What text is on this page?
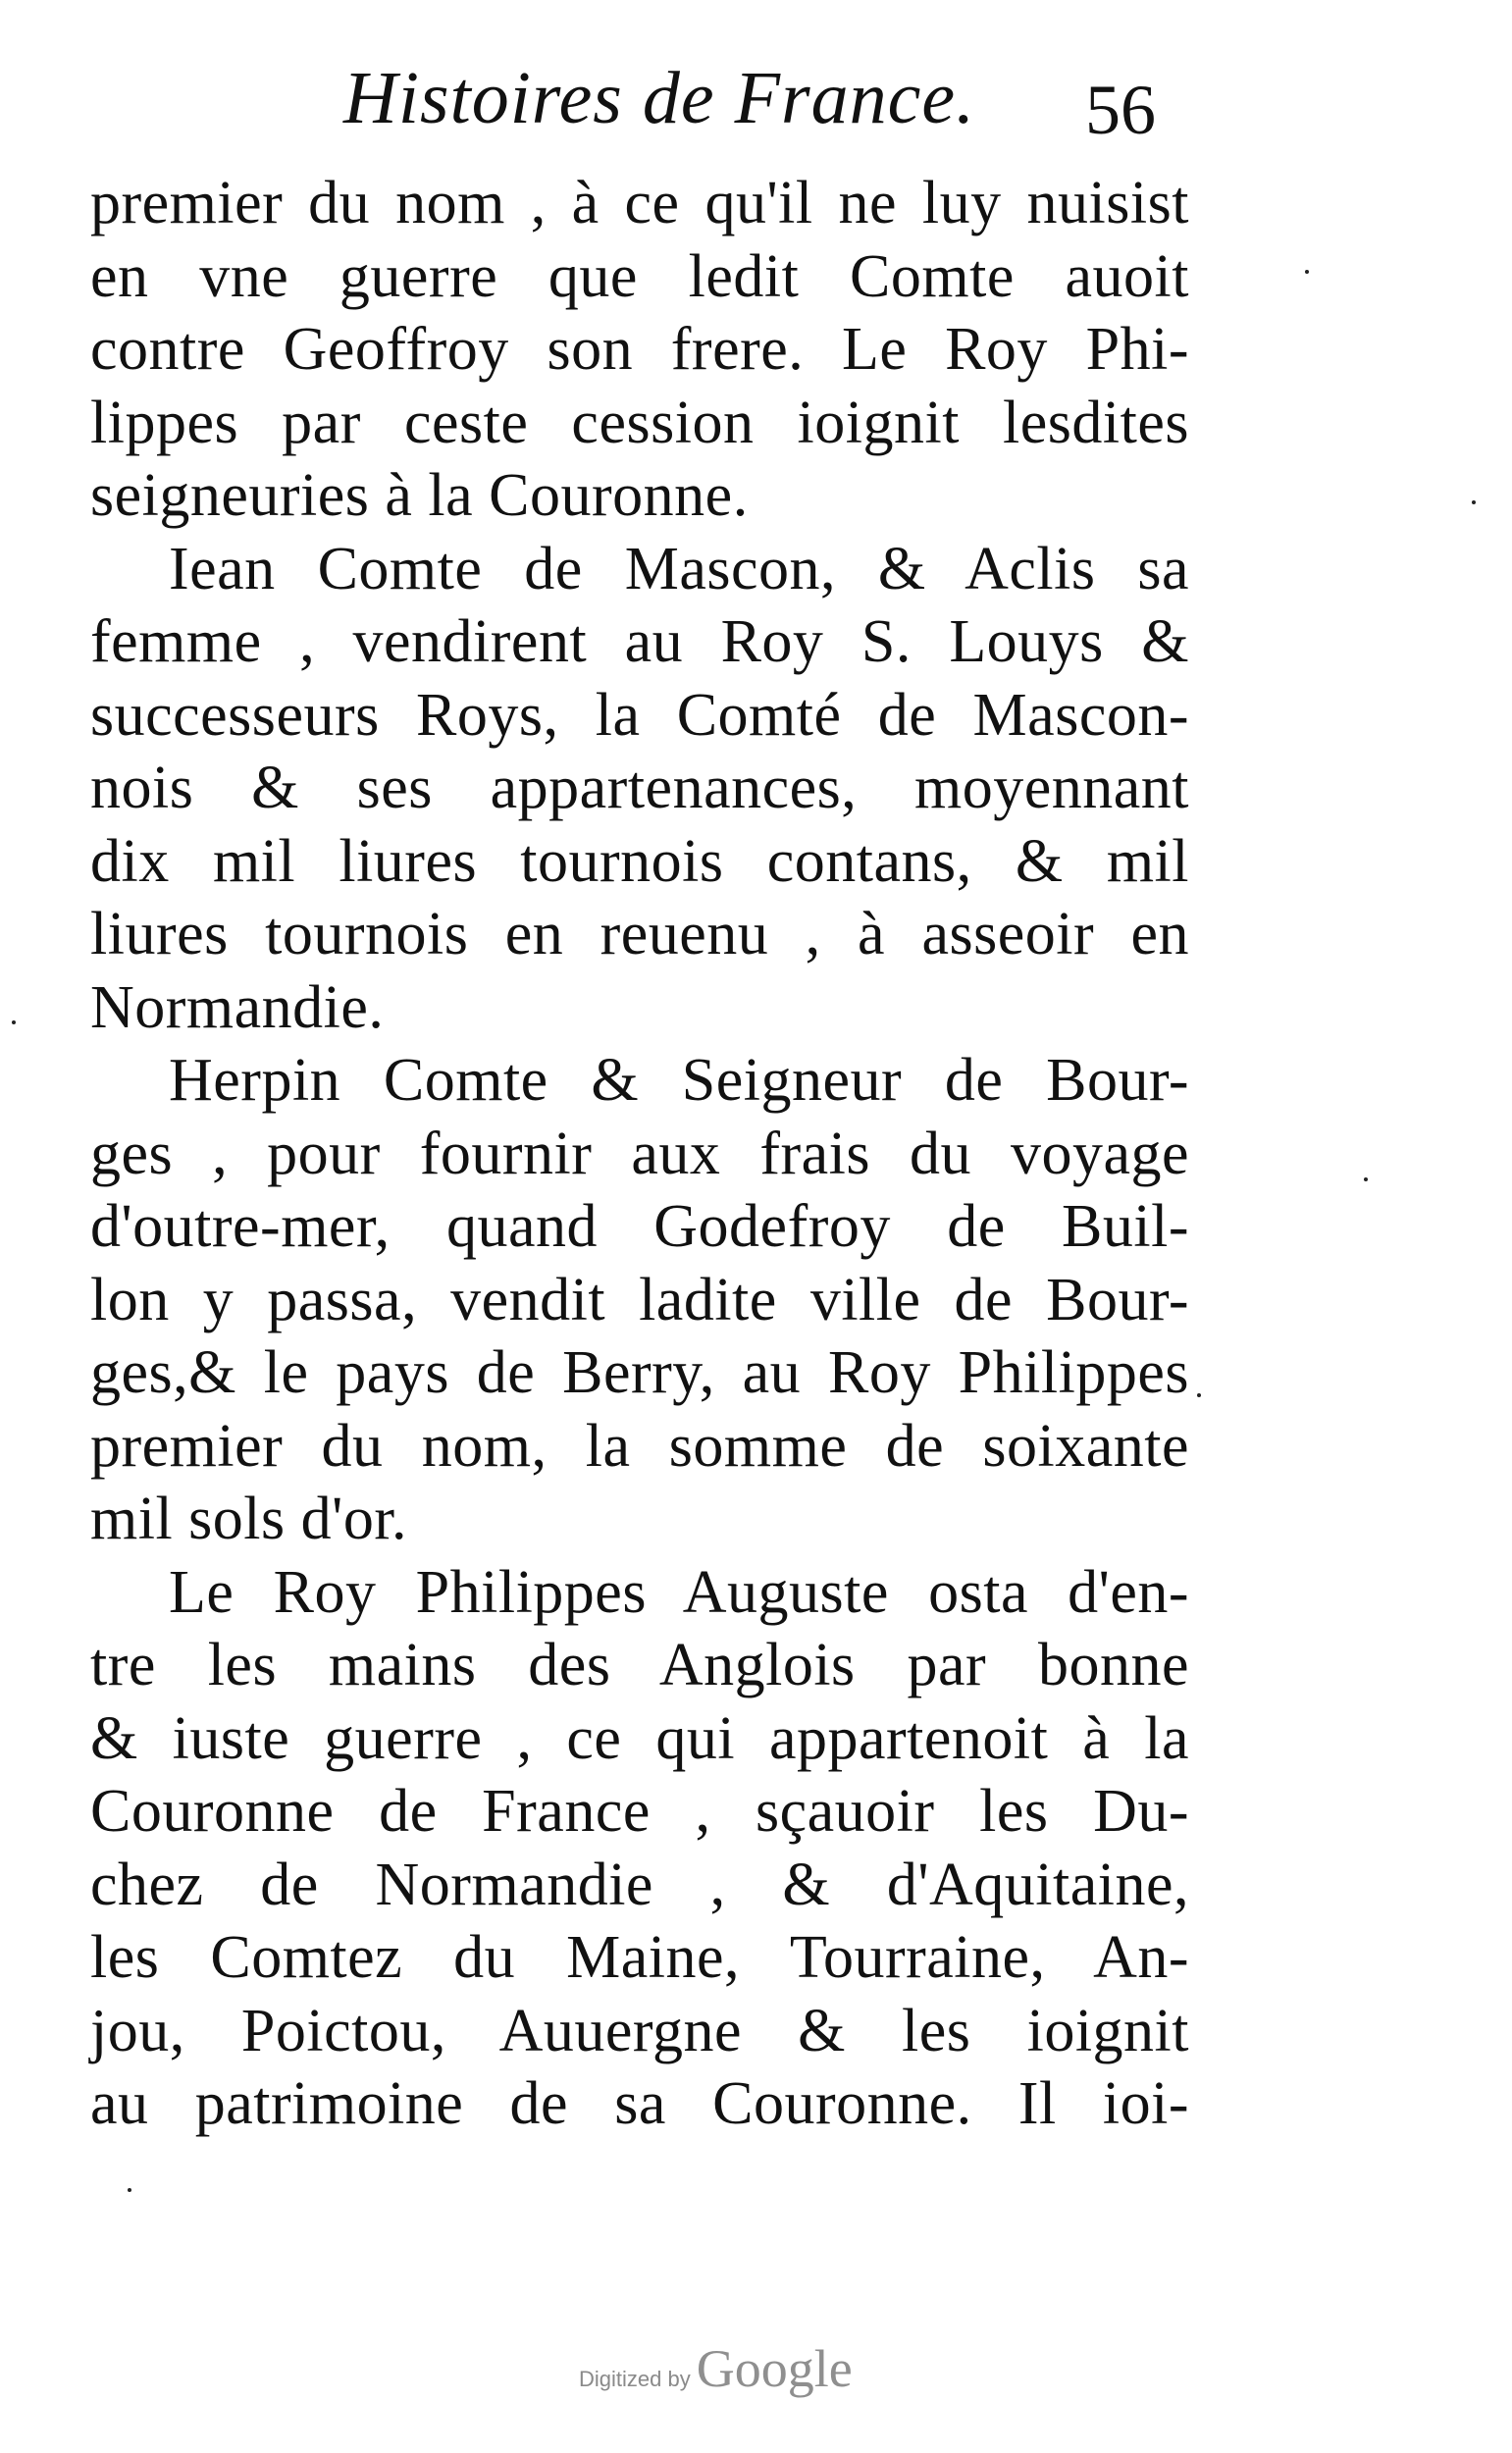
Histoires de France. 56
premier du nom , à ce qu'il ne luy nuisist
en vne guerre que ledit Comte auoit
contre Geoffroy son frere. Le Roy Phi-
lippes par ceste cession ioignit lesdites
seigneuries à la Couronne.
Iean Comte de Mascon, & Aclis sa
femme , vendirent au Roy S. Louys &
successeurs Roys, la Comté de Mascon-
nois & ses appartenances, moyennant
dix mil liures tournois contans, & mil
liures tournois en reuenu , à asseoir en
Normandie.
Herpin Comte & Seigneur de Bour-
ges , pour fournir aux frais du voyage
d'outre-mer, quand Godefroy de Buil-
lon y passa, vendit ladite ville de Bour-
ges,& le pays de Berry, au Roy Philippes
premier du nom, la somme de soixante
mil sols d'or.
Le Roy Philippes Auguste osta d'en-
tre les mains des Anglois par bonne
& iuste guerre , ce qui appartenoit à la
Couronne de France , sçauoir les Du-
chez de Normandie , & d'Aquitaine,
les Comtez du Maine, Tourraine, An-
jou, Poictou, Auuergne & les ioignit
au patrimoine de sa Couronne. Il ioi-
Digitized by Google
